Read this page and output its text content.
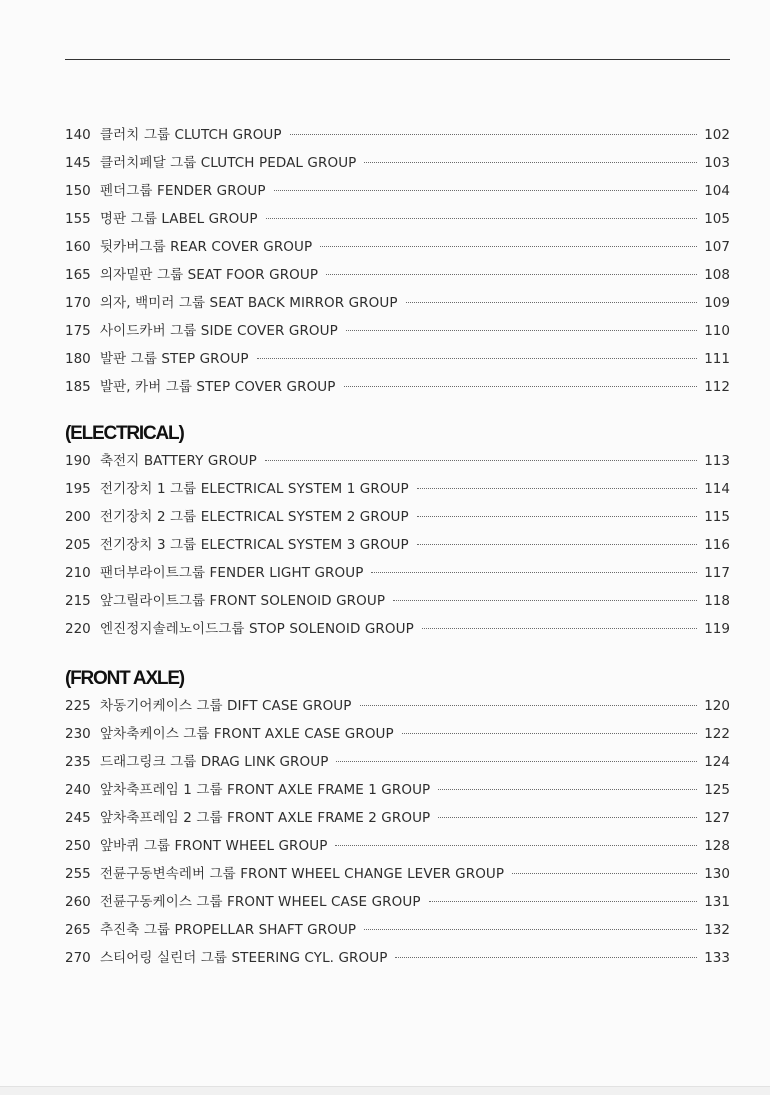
140 클러치 그룹 CLUTCH GROUP	102
145 클러치페달 그룹 CLUTCH PEDAL GROUP	103
150 펜더그룹 FENDER GROUP	104
155 명판 그룹 LABEL GROUP	105
160 뒷카버그룹 REAR COVER GROUP	107
165 의자밑판 그룹 SEAT FOOR GROUP	108
170 의자, 백미러 그룹 SEAT BACK MIRROR GROUP	109
175 사이드카버 그룹 SIDE COVER GROUP	110
180 발판 그룹 STEP GROUP	111
185 발판, 카버 그룹 STEP COVER GROUP	112
(ELECTRICAL)
190 축전지 BATTERY GROUP	113
195 전기장치 1 그룹 ELECTRICAL SYSTEM 1 GROUP	114
200 전기장치 2 그룹 ELECTRICAL SYSTEM 2 GROUP	115
205 전기장치 3 그룹 ELECTRICAL SYSTEM 3 GROUP	116
210 팬더부라이트그룹 FENDER LIGHT GROUP	117
215 앞그릴라이트그룹 FRONT SOLENOID GROUP	118
220 엔진정지솔레노이드그룹 STOP SOLENOID GROUP	119
(FRONT AXLE)
225 차동기어케이스 그룹 DIFT CASE GROUP	120
230 앞차축케이스 그룹 FRONT AXLE CASE GROUP	122
235 드래그링크 그룹 DRAG LINK GROUP	124
240 앞차축프레임 1 그룹 FRONT AXLE FRAME 1 GROUP	125
245 앞차축프레임 2 그룹 FRONT AXLE FRAME 2 GROUP	127
250 앞바퀴 그룹 FRONT WHEEL GROUP	128
255 전륜구동변속레버 그룹 FRONT WHEEL CHANGE LEVER GROUP	130
260 전륜구동케이스 그룹 FRONT WHEEL CASE GROUP	131
265 추진축 그룹 PROPELLAR SHAFT GROUP	132
270 스티어링 실린더 그룹 STEERING CYL. GROUP	133
